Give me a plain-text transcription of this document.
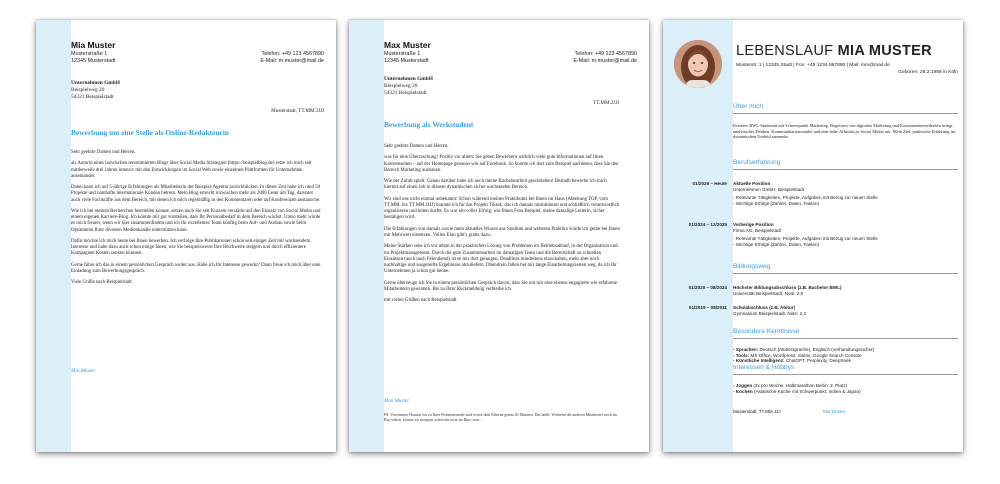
Mia Muster
Musterstraße 1
12345 Musterstadt
Telefon: +49 123 4567890
E-Mail: m.muster@mail.de
Unternehmen GmbH
Beispielweg 20
54321 Beispielstadt
Musterstadt, TT.MM.JJJJ
Bewerbung um eine Stelle als Online-Redakteurin

Sehr geehrte Damen und Herren,

als Autorin eines inzwischen renommierten Blogs über Social Media Strategien (https://beispielblog.de) setze ich mich seit mittlerweile drei Jahren intensiv mit den Entwicklungen im Social Web sowie einzelnen Plattformen für Unternehmen auseinander.

Dabei kann ich auf 5-jährige Erfahrungen als Mitarbeiterin der Beispiel-Agentur zurückblicken. In dieser Zeit habe ich rund 50 Projekte und namhafte internationale Kunden betreut. Mein Blog erreicht inzwischen mehr als 2000 Leser am Tag, darunter auch viele Fachkräfte aus dem Bereich, mit denen ich mich regelmäßig in den Kommentaren oder auf Konferenzen austausche.

Wie ich bei meinen Recherchen feststellen konnte, setzen auch Sie seit Kurzem verstärkt auf den Einsatz von Social Media und einem eigenen Karriere-Blog. Ich könnte mir gut vorstellen, dass Ihr Personalbedarf in dem Bereich wächst. Umso mehr würde es mich freuen, wenn wir hier zusammenfinden und ich Ihr exzellentes Team künftig beim Auf- und Ausbau sowie beim Optimieren Ihrer diversen Medienkanäle unterstützen kann.

Dafür möchte ich mich heute bei Ihnen bewerben. Ich verfolge Ihre Publikationen schon seit einiger Zeit mit wachsendem Interesse und habe dazu auch schon einige Ideen, wie Sie beispielsweise Ihre Reichweite steigern und durch effizientere Kampagnen Kosten senken könnten.

Gerne führe ich das in einem persönlichen Gespräch weiter aus. Habe ich Ihr Interesse geweckt? Dann freue ich mich über eine Einladung zum Bewerbungsgespräch.

Viele Grüße nach Beispielstadt

Mia Muster
Max Muster
Musterstraße 1
12345 Musterstadt
Telefon: +49 123 4567890
E-Mail: m.muster@mail.de
Unternehmen GmbH
Beispielweg 20
54321 Beispielstadt
TT.MM.JJJJ
Bewerbung als Werkstudent

Sehr geehrte Damen und Herren,

was für eine Überraschung! Positiv vor allem: Sie geben Bewerbern wirklich viele gute Informationen auf Ihren Karriereseiten – auf der Homepage genauso wie auf Facebook. So konnte ich dort zum Beispiel nachlesen, dass Sie den Bereich Marketing ausbauen.

Wie der Zufall spielt: Genau darüber habe ich auch meine Bachelorarbeit geschrieben! Deshalb bewerbe ich mich hiermit auf einen Job in diesem dynamischen sicher wachsenden Bereich.

Wir sind uns nicht einmal unbekannt: Schon während meines Praktikums bei Ihnen im Haus (Abteilung TOP, vom TT.MM. bis TT.MM.JJJJ) brannte ich für das Projekt Tiktok, das ich damals mitinitiieren und schließlich verantwortlich organisieren und leiten durfte. Es war ein voller Erfolg, wie Ihnen Frau Beispiel, meine damalige Leiterin, sicher bestätigen wird.

Die Erfahrungen von damals sowie mein aktuelles Wissen aus Studium und weiteren Praktika würde ich gerne bei Ihnen mit Mehrwert einsetzen. Vollen Elan gibt's gratis dazu.

Meine Stärken sehe ich vor allem in der praktischen Lösung von Problemen im Betriebsablauf, in der Organisation und im Projektmanagement. Durch die gute Zusammenarbeit im damaligen Team und die Bereitschaft zu schnellen Einsätzen (auch nach Feierabend) ist es mir dort gelungen, Deadlines mindestens einzuhalten, mehr aber noch nachhaltige und ausgereifte Ergebnisse abzuliefern. Obendrein fallen bei mir lange Einarbeitungszeiten weg, da ich Ihr Unternehmen ja schon gut kenne.

Gerne überzeuge ich Sie in einem persönlichen Gespräch davon, dass Sie mit mir eine ebenso engagierte wie erfahrene Mitarbeiterin gewinnen. Bis zu Ihrer Rückmeldung verbleibe ich

mit vielen Grüßen nach Beispielstadt

Max Muster
PS: Von meiner Haustür bis zu Ihrer Firmenzentrale sind es mit dem Fahrrad genau 20 Minuten. Das heißt: Während die anderen Mitarbeiter noch im Bus stehen, könnte ich morgens schon die erste im Büro sein…
LEBENSLAUF MIA MUSTER
Musterstr. 1 | 12345 Stadt | Fon: +49 1234 567890 | Mail: mm@mail.de
Geboren: 29.2.1988 in Köln
Über mich
Kreative BWL-Studentin mit Schwerpunkt Marketing. Begeistert von digitalen Marketing und Konsumentenverhalten bringt analytisches Denken, Kommunikationsstärke und eine hohe Affinität zu Social Media mit. Mein Ziel: praktische Erfahrung im dynamischen Umfeld sammeln.
Berufserfahrung
01/2026 – Heute Aktuelle Position
Unternehmen GmbH, Beispielstadt
- Relevante Tätigkeiten, Projekte, Aufgaben mit Bezug zur neuen Stelle
- Wichtige Erfolge (Zahlen, Daten, Fakten)
01/2024 – 12/2025 Vorherige Position
Firma AG, Beispielstadt
- Relevante Tätigkeiten, Projekte, Aufgaben mit Bezug zur neuen Stelle
- Wichtige Erfolge (Zahlen, Daten, Fakten)
Bildungsweg
01/2020 – 08/2024 Höchster Bildungsabschluss (z.B. Bachelor BWL)
Universität Beispielstadt, Note: 2,0
01/2019 – 08/2011 Schulabschluss (z.B. Abitur)
Gymnasium Beispielstadt, Note: 2,2
Besondere Kenntnisse
- Sprachen: Deutsch (Muttersprache), Englisch (verhandlungssicher)
- Tools: MS Office, Wordpress, Sistrix, Google Search Console
- Künstliche Intelligenz: ChatGPT, Perplexity, DeepSeek
Interessen & Hobbys
- Joggen (3x pro Woche, Halbmarathon Berlin: 2. Platz)
- Kochen (Asiatische Küche mit Schwerpunkt: Indien & Japan)
Musterstadt, TT.MM.JJJ	Mia Muster
